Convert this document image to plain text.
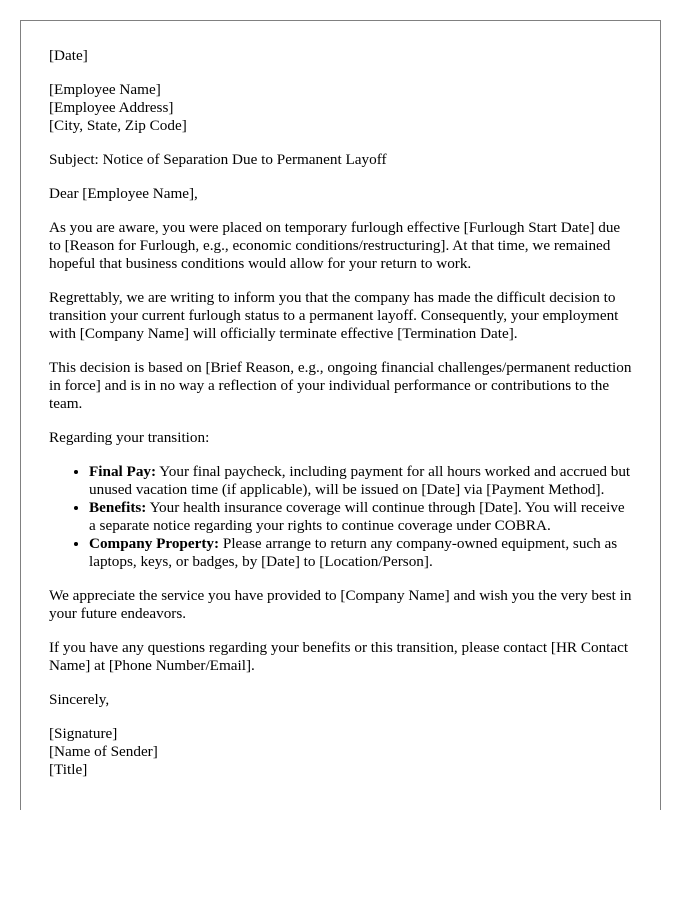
[Date]

[Employee Name]
[Employee Address]
[City, State, Zip Code]

Subject: Notice of Separation Due to Permanent Layoff

Dear [Employee Name],

As you are aware, you were placed on temporary furlough effective [Furlough Start Date] due to [Reason for Furlough, e.g., economic conditions/restructuring]. At that time, we remained hopeful that business conditions would allow for your return to work.

Regrettably, we are writing to inform you that the company has made the difficult decision to transition your current furlough status to a permanent layoff. Consequently, your employment with [Company Name] will officially terminate effective [Termination Date].

This decision is based on [Brief Reason, e.g., ongoing financial challenges/permanent reduction in force] and is in no way a reflection of your individual performance or contributions to the team.

Regarding your transition:

• Final Pay: Your final paycheck, including payment for all hours worked and accrued but unused vacation time (if applicable), will be issued on [Date] via [Payment Method].
• Benefits: Your health insurance coverage will continue through [Date]. You will receive a separate notice regarding your rights to continue coverage under COBRA.
• Company Property: Please arrange to return any company-owned equipment, such as laptops, keys, or badges, by [Date] to [Location/Person].

We appreciate the service you have provided to [Company Name] and wish you the very best in your future endeavors.

If you have any questions regarding your benefits or this transition, please contact [HR Contact Name] at [Phone Number/Email].

Sincerely,

[Signature]
[Name of Sender]
[Title]
